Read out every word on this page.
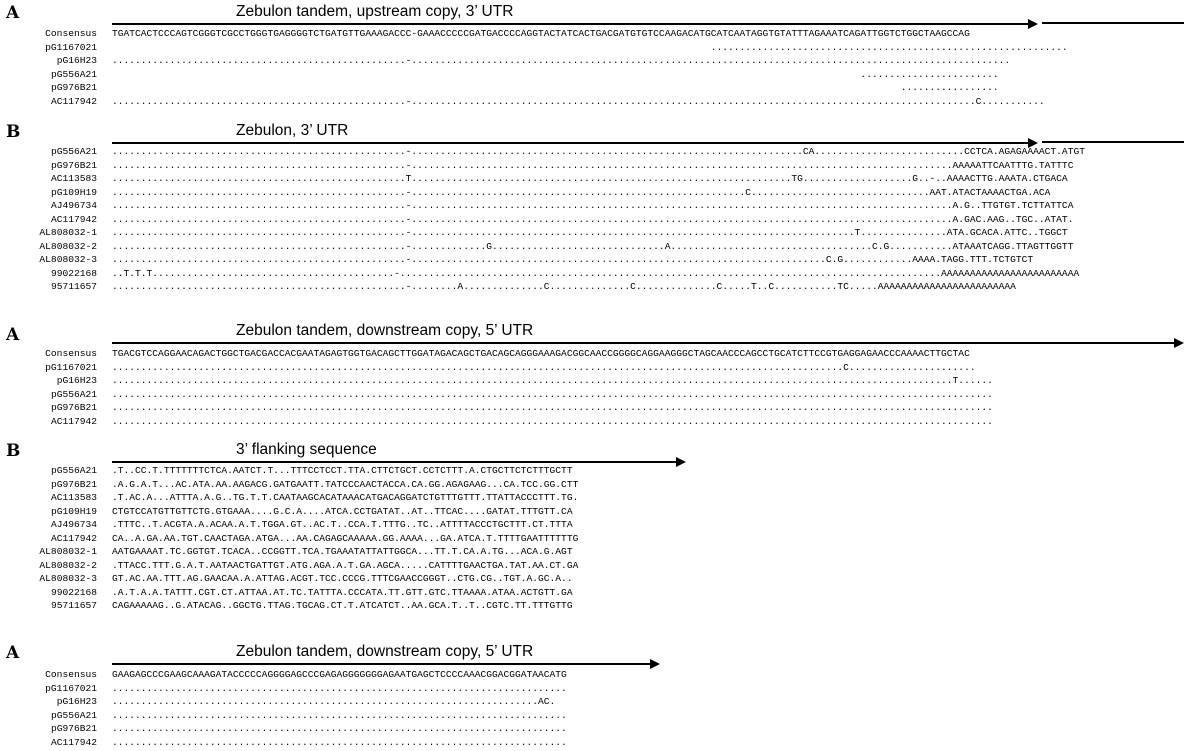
A	Zebulon tandem, upstream copy, 3’ UTR
Consensus TGATCACTCCCAGTCGGGTCGCCTGGGTGAGGGGTCTGATGTTGAAAGACCC-GAAACCCCCGATGACCCCAGGTACTATCACTGACGATGTGTCCAAGACATGCATCAATAGGTGTATTTAGAAATCAGATTGGTCTGGCTAAGCCAG
pG1167021 ..............................................................
pG16H23 ...................................................-........................................................................................................
pG556A21 ........................
pG976B21 .................
AC117942 ...................................................-..................................................................................................C...........
B	Zebulon, 3’ UTR
pG556A21 ...................................................-....................................................................CA..........................CCTCA.AGAGAAAACT.ATGT
pG976B21 ...................................................-..............................................................................................AAAAATTCAATTTG.TATTTC
AC113583 ...................................................T..................................................................TG...................G..-..AAAACTTG.AAATA.CTGACA
pG109H19 ...................................................-..........................................................C...............................AAT.ATACTAAAACTGA.ACA
AJ496734 ...................................................-..............................................................................................A.G..TTGTGT.TCTTATTCA
AC117942 ...................................................-..............................................................................................A.GAC.AAG..TGC..ATAT.
AL808032-1 ...................................................-.............................................................................T...............ATA.GCACA.ATTC..TGGCT
AL808032-2 ...................................................-.............G..............................A...................................C.G...........ATAAATCAGG.TTAGTTGGTT
AL808032-3 ...................................................-........................................................................C.G............AAAA.TAGG.TTT.TCTGTCT
99022168 ..T.T.T..........................................-..............................................................................................AAAAAAAAAAAAAAAAAAAAAAAA
95711657 ...................................................-........A..............C..............C..............C.....T..C...........TC.....AAAAAAAAAAAAAAAAAAAAAAAA
A	Zebulon tandem, downstream copy, 5’ UTR
Consensus TGACGTCCAGGAACAGACTGGCTGACGACCACGAATAGAGTGGTGACAGCTTGGATAGACAGCTGACAGCAGGGAAAGACGGCAACCGGGGCAGGAAGGGCTAGCAACCCAGCCTGCATCTTCCGTGAGGAGAACCCAAAACTTGCTAC
pG1167021 ...............................................................................................................................C......................
pG16H23 ..................................................................................................................................................T......
pG556A21 .........................................................................................................................................................
pG976B21 .........................................................................................................................................................
AC117942 .........................................................................................................................................................
B	3’ flanking sequence
pG556A21 .T..CC.T.TTTTTTTCTCA.AATCT.T...TTTCCTCCT.TTA.CTTCTGCT.CCTCTTT.A.CTGCTTCTCTTTGCTT
pG976B21 .A.G.A.T...AC.ATA.AA.AAGACG.GATGAATT.TATCCCAACTACCA.CA.GG.AGAGAAG...CA.TCC.GG.CTT
AC113583 .T.AC.A...ATTTA.A.G..TG.T.T.CAATAAGCACATAAACATGACAGGATCTGTTTGTTT.TTATTACCCTTT.TG.
pG109H19 CTGTCCATGTTGTTCTG.GTGAAA....G.C.A....ATCA.CCTGATAT..AT..TTCAC....GATAT.TTTGTT.CA
AJ496734 .TTTC..T.ACGTA.A.ACAA.A.T.TGGA.GT..AC.T..CCA.T.TTTG..TC..ATTTTACCCTGCTTT.CT.TTTA
AC117942 CA..A.GA.AA.TGT.CAACTAGA.ATGA...AA.CAGAGCAAAAA.GG.AAAA...GA.ATCA.T.TTTTGAATTTTTTG
AL808032-1 AATGAAAAT.TC.GGTGT.TCACA..CCGGTT.TCA.TGAAATATTATTGGCA...TT.T.CA.A.TG...ACA.G.AGT
AL808032-2 .TTACC.TTT.G.A.T.AATAACTGATTGT.ATG.AGA.A.T.GA.AGCA.....CATTTTGAACTGA.TAT.AA.CT.GA
AL808032-3 GT.AC.AA.TTT.AG.GAACAA.A.ATTAG.ACGT.TCC.CCCG.TTTCGAACCGGGT..CTG.CG..TGT.A.GC.A..
99022168 .A.T.A.A.TATTT.CGT.CT.ATTAA.AT.TC.TATTTA.CCCATA.TT.GTT.GTC.TTAAAA.ATAA.ACTGTT.GA
95711657 CAGAAAAAG..G.ATACAG..GGCTG.TTAG.TGCAG.CT.T.ATCATCT..AA.GCA.T..T..CGTC.TT.TTTGTTG
A	Zebulon tandem, downstream copy, 5’ UTR
Consensus GAAGAGCCCGAAGCAAAGATACCCCCAGGGGAGCCCGAGAGGGGGGGAGAATGAGCTCCCCAAACGGACGGATAACATG
pG1167021 ...............................................................................
pG16H23 ..........................................................................AC.
pG556A21 ...............................................................................
pG976B21 ...............................................................................
AC117942 ...............................................................................
